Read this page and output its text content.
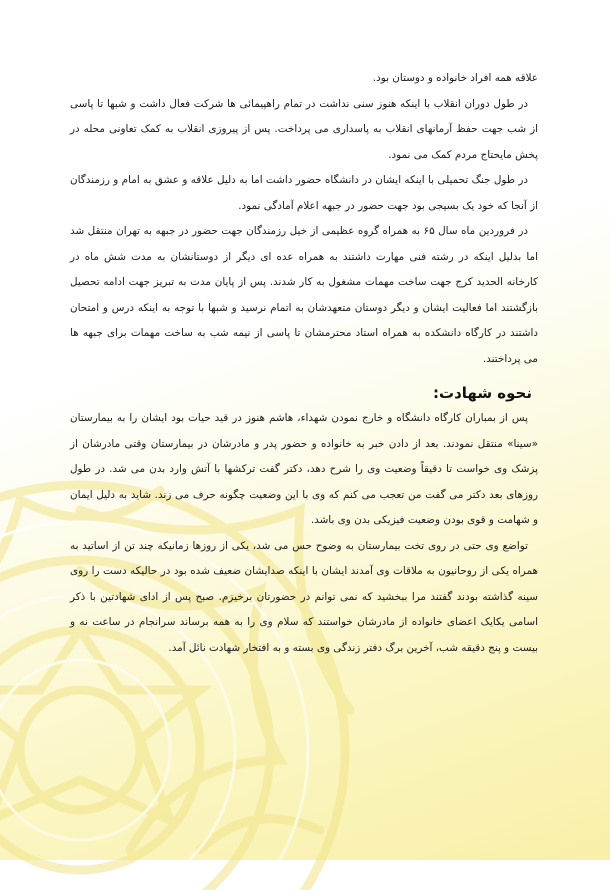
علاقه همه افراد خانواده و دوستان بود.

در طول دوران انقلاب با اینکه هنوز سنی نداشت در تمام راهپیمائی ها شرکت فعال داشت و شبها تا پاسی از شب جهت حفظ آرمانهای انقلاب به پاسداری می پرداخت. پس از پیروزی انقلاب به کمک تعاونی محله در پخش مایحتاج مردم کمک می نمود.

در طول جنگ تحمیلی با اینکه ایشان در دانشگاه حضور داشت اما به دلیل علاقه و عشق به امام و رزمندگان از آنجا که خود یک بسیجی بود جهت حضور در جبهه اعلام آمادگی نمود.

در فروردین ماه سال ۶۵ به همراه گروه عظیمی از خیل رزمندگان جهت حضور در جبهه به تهران منتقل شد اما بدلیل اینکه در رشته فنی مهارت داشتند به همراه عده ای دیگر از دوستانشان به مدت شش ماه در کارخانه الحدید کرج جهت ساخت مهمات مشغول به کار شدند. پس از پایان مدت به تبریز جهت ادامه تحصیل بازگشتند اما فعالیت ایشان و دیگر دوستان متعهدشان به اتمام نرسید و شبها با توجه به اینکه درس و امتحان داشتند در کارگاه دانشکده به همراه استاد محترمشان تا پاسی از نیمه شب به ساخت مهمات برای جبهه ها می پرداختند.

نحوه شهادت:

پس از بمباران کارگاه دانشگاه و خارج نمودن شهداء، هاشم هنوز در قید حیات بود ایشان را به بیمارستان «سینا» منتقل نمودند. بعد از دادن خبر به خانواده و حضور پدر و مادرشان در بیمارستان وقتی مادرشان از پزشک وی خواست تا دقیقاً وضعیت وی را شرح دهد، دکتر گفت ترکشها با آتش وارد بدن می شد. در طول روزهای بعد دکتر می گفت من تعجب می کنم که وی با این وضعیت چگونه حرف می زند. شاید به دلیل ایمان و شهامت و قوی بودن وضعیت فیزیکی بدن وی باشد.

تواضع وی حتی در روی تخت بیمارستان به وضوح حس می شد، یکی از روزها زمانیکه چند تن از اساتید به همراه یکی از روحانیون به ملاقات وی آمدند ایشان با اینکه صدایشان ضعیف شده بود در حالیکه دست را روی سینه گذاشته بودند گفتند مرا ببخشید که نمی توانم در حضورتان برخیزم. صبح پس از ادای شهادتین با ذکر اسامی یکایک اعضای خانواده از مادرشان خواستند که سلام وی را به همه برساند سرانجام در ساعت نه و بیست و پنج دقیقه شب، آخرین برگ دفتر زندگی وی بسته و به افتخار شهادت نائل آمد.
